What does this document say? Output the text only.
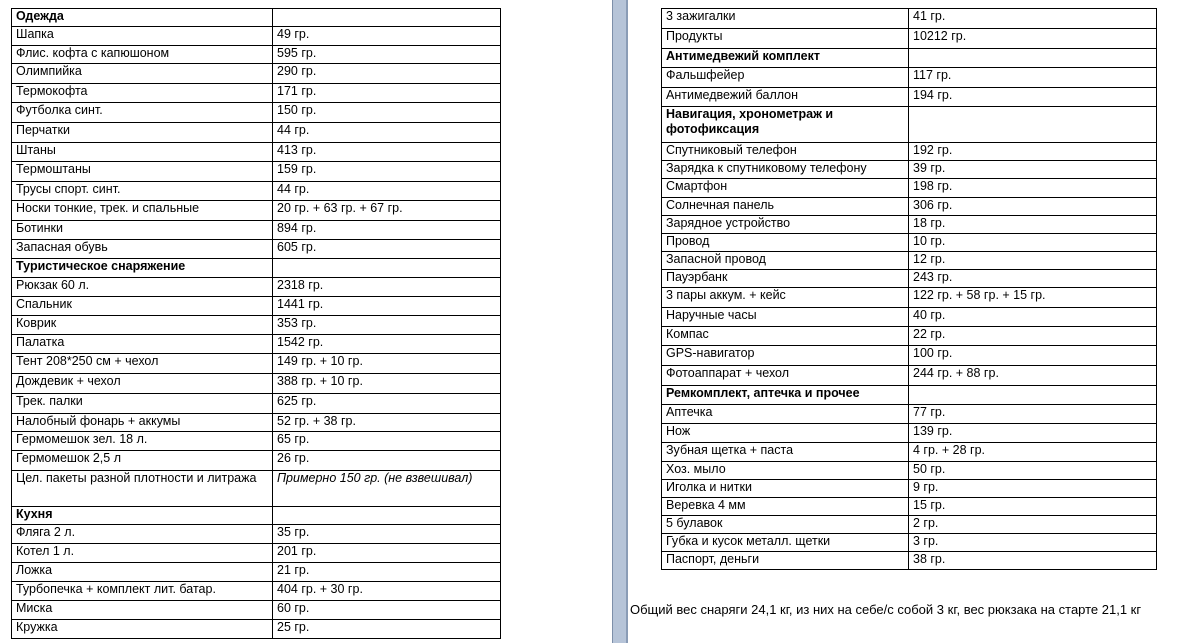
Одежда	
Шапка	49 гр.
Флис. кофта с капюшоном	595 гр.
Олимпийка	290 гр.
Термокофта	171 гр.
Футболка синт.	150 гр.
Перчатки	44 гр.
Штаны	413 гр.
Термоштаны	159 гр.
Трусы спорт. синт.	44 гр.
Носки тонкие, трек. и спальные	20 гр. + 63 гр. + 67 гр.
Ботинки	894 гр.
Запасная обувь	605 гр.
Туристическое снаряжение	
Рюкзак 60 л.	2318 гр.
Спальник	1441 гр.
Коврик	353 гр.
Палатка	1542 гр.
Тент 208*250 см + чехол	149 гр. + 10 гр.
Дождевик + чехол	388 гр. + 10 гр.
Трек. палки	625 гр.
Налобный фонарь + аккумы	52 гр. + 38 гр.
Гермомешок зел. 18 л.	65 гр.
Гермомешок 2,5 л	26 гр.
Цел. пакеты разной плотности и литража	Примерно 150 гр. (не взвешивал)
Кухня	
Фляга 2 л.	35 гр.
Котел 1 л.	201 гр.
Ложка	21 гр.
Турбопечка + комплект лит. батар.	404 гр. + 30 гр.
Миска	60 гр.
Кружка	25 гр.
3 зажигалки	41 гр.
Продукты	10212 гр.
Антимедвежий комплект	
Фальшфейер	117 гр.
Антимедвежий баллон	194 гр.
Навигация, хронометраж и фотофиксация	
Спутниковый телефон	192 гр.
Зарядка к спутниковому телефону	39 гр.
Смартфон	198 гр.
Солнечная панель	306 гр.
Зарядное устройство	18 гр.
Провод	10 гр.
Запасной провод	12 гр.
Пауэрбанк	243 гр.
3 пары аккум. + кейс	122 гр. + 58 гр. + 15 гр.
Наручные часы	40 гр.
Компас	22 гр.
GPS-навигатор	100 гр.
Фотоаппарат + чехол	244 гр. + 88 гр.
Ремкомплект, аптечка и прочее	
Аптечка	77 гр.
Нож	139 гр.
Зубная щетка + паста	4 гр. + 28 гр.
Хоз. мыло	50 гр.
Иголка и нитки	9 гр.
Веревка 4 мм	15 гр.
5 булавок	2 гр.
Губка и кусок металл. щетки	3 гр.
Паспорт, деньги	38 гр.
Общий вес снаряги 24,1 кг, из них на себе/с собой 3 кг, вес рюкзака на старте 21,1 кг
